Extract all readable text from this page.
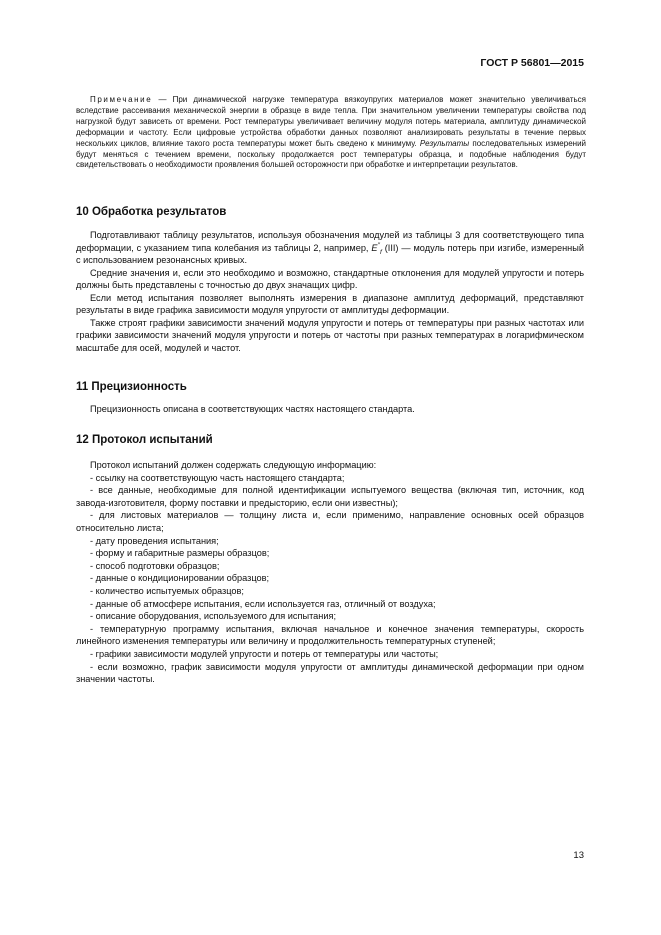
ГОСТ Р 56801—2015
Примечание — При динамической нагрузке температура вязкоупругих материалов может значительно увеличиваться вследствие рассеивания механической энергии в образце в виде тепла. При значительном увеличении температуры свойства под нагрузкой будут зависеть от времени. Рост температуры увеличивает величину модуля потерь материала, амплитуду динамической деформации и частоту. Если цифровые устройства обработки данных позволяют анализировать результаты в течение первых нескольких циклов, влияние такого роста температуры может быть сведено к минимуму. Результаты последовательных измерений будут меняться с течением времени, поскольку продолжается рост температуры образца, и подобные наблюдения будут свидетельствовать о необходимости проявления большей осторожности при обработке и интерпретации результатов.
10 Обработка результатов

Подготавливают таблицу результатов, используя обозначения модулей из таблицы 3 для соответствующего типа деформации, с указанием типа колебания из таблицы 2, например, $E''_f$ (III) — модуль потерь при изгибе, измеренный с использованием резонансных кривых.

Средние значения и, если это необходимо и возможно, стандартные отклонения для модулей упругости и потерь должны быть представлены с точностью до двух значащих цифр.

Если метод испытания позволяет выполнять измерения в диапазоне амплитуд деформаций, представляют результаты в виде графика зависимости модуля упругости от амплитуды деформации.

Также строят графики зависимости значений модуля упругости и потерь от температуры при разных частотах или графики зависимости значений модуля упругости и потерь от частоты при разных температурах в логарифмическом масштабе для осей, модулей и частот.

11 Прецизионность

Прецизионность описана в соответствующих частях настоящего стандарта.

12 Протокол испытаний

Протокол испытаний должен содержать следующую информацию:

- ссылку на соответствующую часть настоящего стандарта;

- все данные, необходимые для полной идентификации испытуемого вещества (включая тип, источник, код завода-изготовителя, форму поставки и предысторию, если они известны);

- для листовых материалов — толщину листа и, если применимо, направление основных осей образцов относительно листа;

- дату проведения испытания;

- форму и габаритные размеры образцов;

- способ подготовки образцов;

- данные о кондиционировании образцов;

- количество испытуемых образцов;

- данные об атмосфере испытания, если используется газ, отличный от воздуха;

- описание оборудования, используемого для испытания;

- температурную программу испытания, включая начальное и конечное значения температуры, скорость линейного изменения температуры или величину и продолжительность температурных ступеней;

- графики зависимости модулей упругости и потерь от температуры или частоты;

- если возможно, график зависимости модуля упругости от амплитуды динамической деформации при одном значении частоты.

13
